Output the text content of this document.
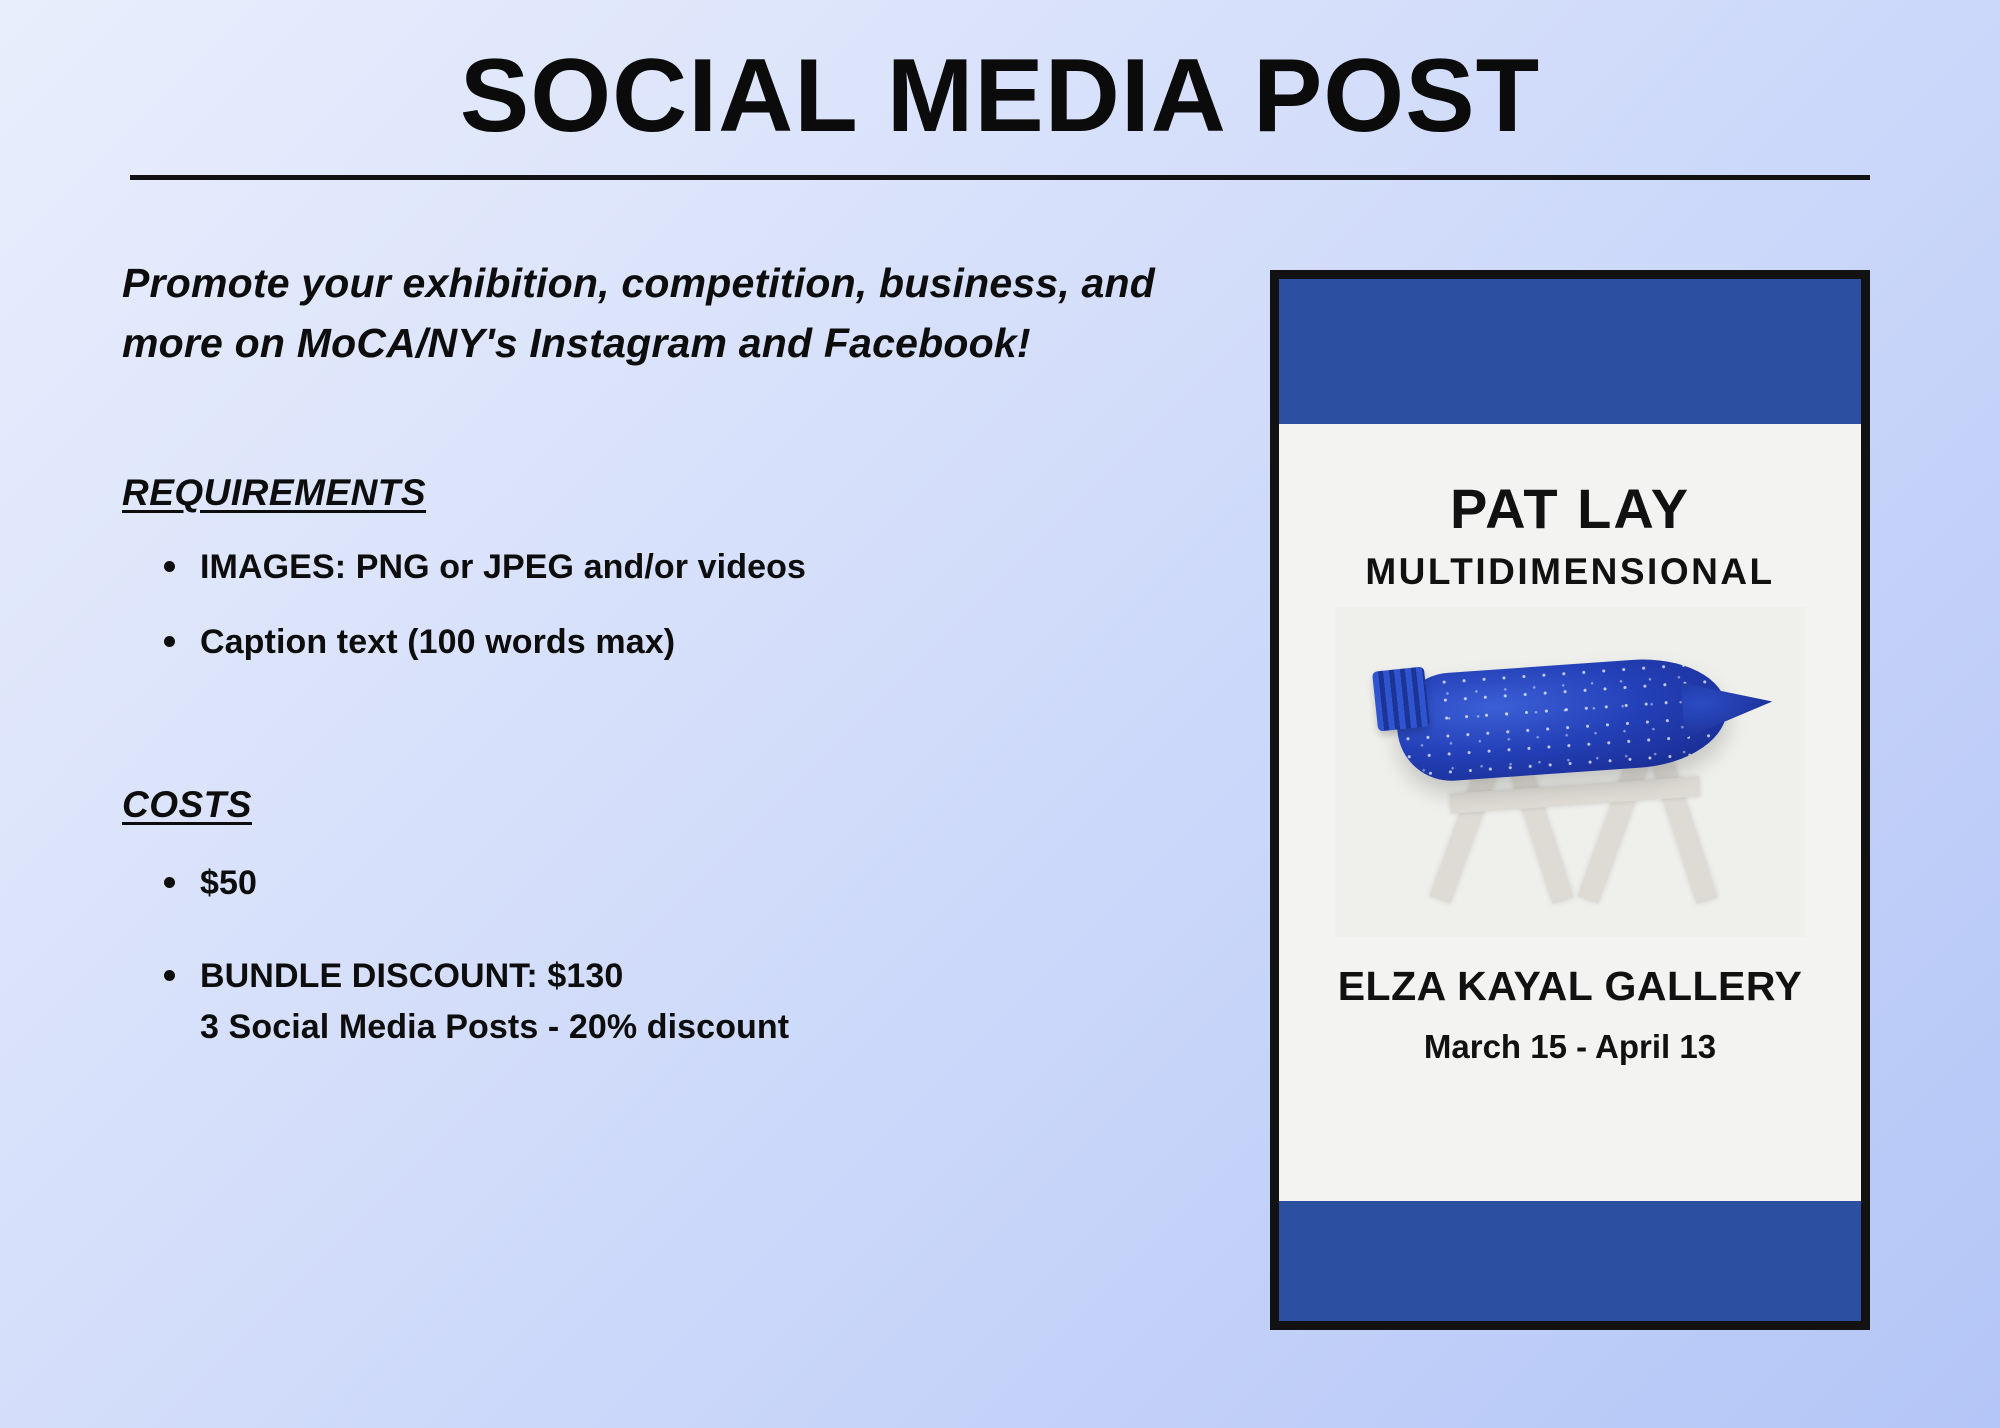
SOCIAL MEDIA POST
Promote your exhibition, competition, business, and more on MoCA/NY's Instagram and Facebook!
REQUIREMENTS
IMAGES: PNG or JPEG and/or videos
Caption text (100 words max)
COSTS
$50
BUNDLE DISCOUNT: $130
3 Social Media Posts - 20% discount
PAT LAY
MULTIDIMENSIONAL
ELZA KAYAL GALLERY
March 15 - April 13
